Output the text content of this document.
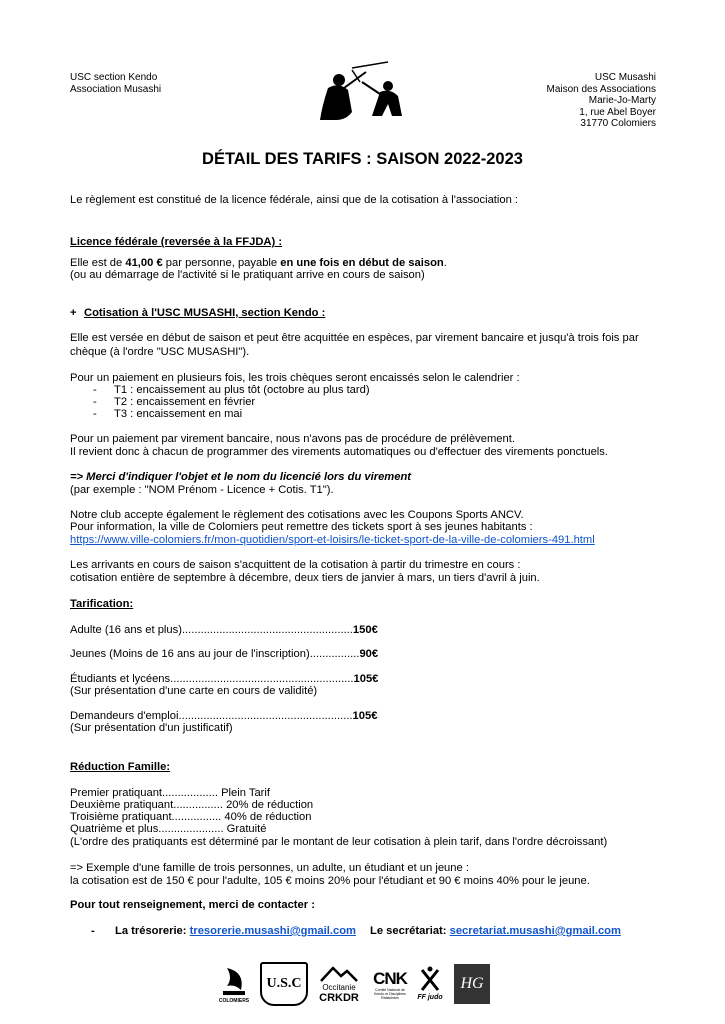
USC section Kendo
Association Musashi
USC Musashi
Maison des Associations
Marie-Jo-Marty
1, rue Abel Boyer
31770 Colomiers
DÉTAIL DES TARIFS : SAISON 2022-2023
Le règlement est constitué de la licence fédérale, ainsi que de la cotisation à l'association :
Licence fédérale (reversée à la FFJDA) :
Elle est de 41,00 € par personne, payable en une fois en début de saison.
(ou au démarrage de l'activité si le pratiquant arrive en cours de saison)
+ Cotisation à l'USC MUSASHI, section Kendo :
Elle est versée en début de saison et peut être acquittée en espèces, par virement bancaire et jusqu'à trois fois par
chèque (à l'ordre "USC MUSASHI").
Pour un paiement en plusieurs fois, les trois chèques seront encaissés selon le calendrier :
- T1 : encaissement au plus tôt (octobre au plus tard)
- T2 : encaissement en février
- T3 : encaissement en mai
Pour un paiement par virement bancaire, nous n'avons pas de procédure de prélèvement.
Il revient donc à chacun de programmer des virements automatiques ou d'effectuer des virements ponctuels.
=> Merci d'indiquer l'objet et le nom du licencié lors du virement
(par exemple : "NOM Prénom - Licence + Cotis. T1").
Notre club accepte également le règlement des cotisations avec les Coupons Sports ANCV.
Pour information, la ville de Colomiers peut remettre des tickets sport à ses jeunes habitants :
https://www.ville-colomiers.fr/mon-quotidien/sport-et-loisirs/le-ticket-sport-de-la-ville-de-colomiers-491.html
Les arrivants en cours de saison s'acquittent de la cotisation à partir du trimestre en cours :
cotisation entière de septembre à décembre, deux tiers de janvier à mars, un tiers d'avril à juin.
Tarification:
Adulte (16 ans et plus).......................................................150€
Jeunes (Moins de 16 ans au jour de l'inscription)................90€
Étudiants et lycéens...........................................................105€
(Sur présentation d'une carte en cours de validité)
Demandeurs d'emploi........................................................105€
(Sur présentation d'un justificatif)
Réduction Famille:
Premier pratiquant.................. Plein Tarif
Deuxième pratiquant................ 20% de réduction
Troisième pratiquant................ 40% de réduction
Quatrième et plus..................... Gratuité
(L'ordre des pratiquants est déterminé par le montant de leur cotisation à plein tarif, dans l'ordre décroissant)
=> Exemple d'une famille de trois personnes, un adulte, un étudiant et un jeune :
la cotisation est de 150 € pour l'adulte, 105 € moins 20% pour l'étudiant et 90 € moins 40% pour le jeune.
Pour tout renseignement, merci de contacter :
- La trésorerie: tresorerie.musashi@gmail.com Le secrétariat: secretariat.musashi@gmail.com
COLOMIERS
U.S.C	Occitanie
CRKDR
CNK
Comité National de Kendo et Disciplines Rattachées	FF judo
HG
